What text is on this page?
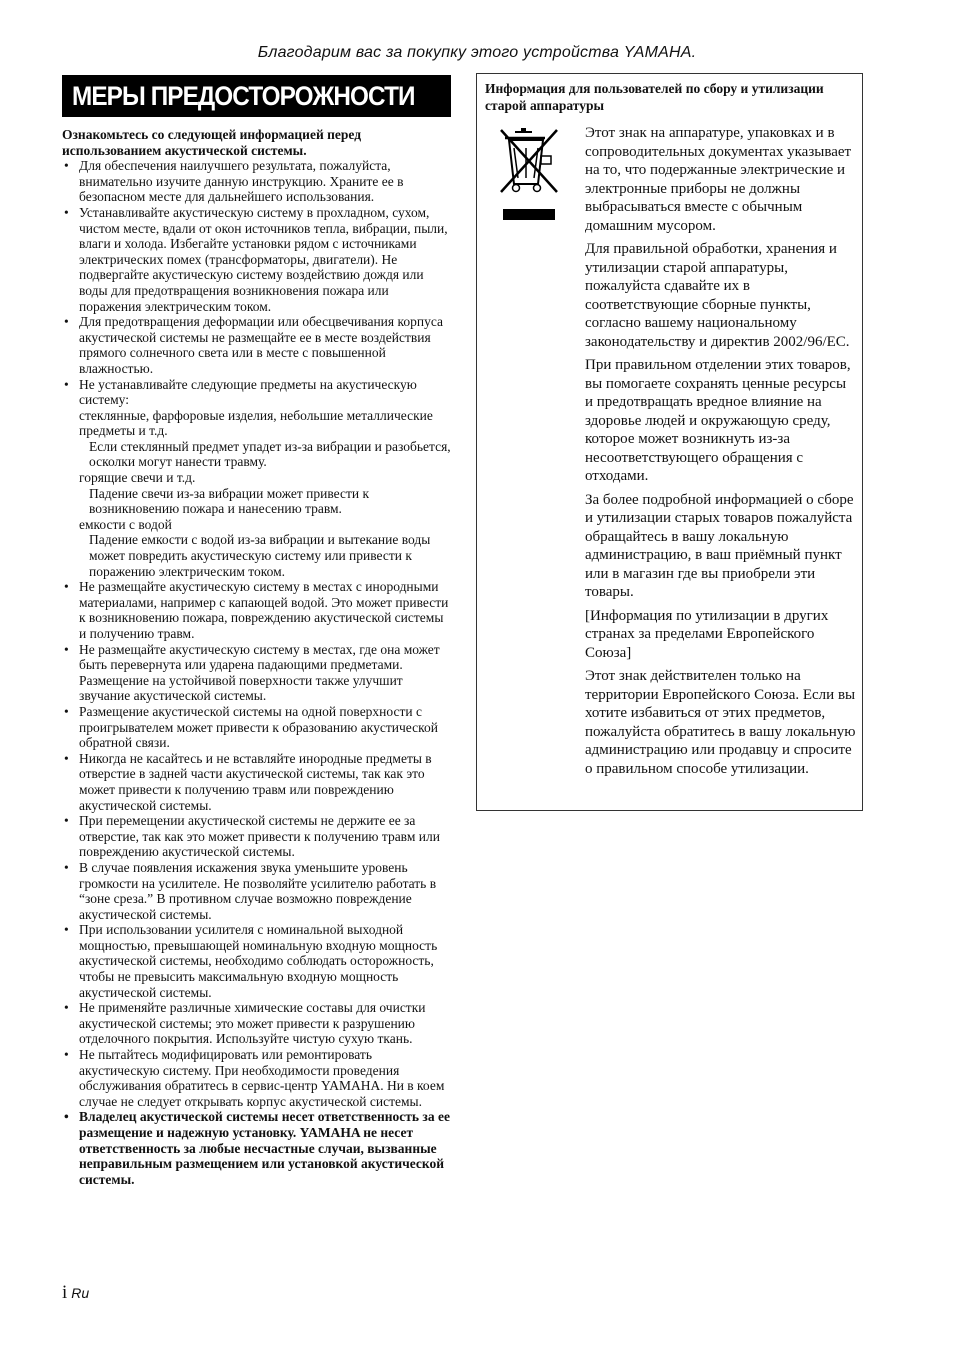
Благодарим вас за покупку этого устройства YAMAHA.
МЕРЫ ПРЕДОСТОРОЖНОСТИ

Ознакомьтесь со следующей информацией перед использованием акустической системы.

• Для обеспечения наилучшего результата, пожалуйста, внимательно изучите данную инструкцию. Храните ее в безопасном месте для дальнейшего использования.
• Устанавливайте акустическую систему в прохладном, сухом, чистом месте, вдали от окон источников тепла, вибрации, пыли, влаги и холода. Избегайте установки рядом с источниками электрических помех (трансформаторы, двигатели). Не подвергайте акустическую систему воздействию дождя или воды для предотвращения возникновения пожара или поражения электрическим током.
• Для предотвращения деформации или обесцвечивания корпуса акустической системы не размещайте ее в месте воздействия прямого солнечного света или в месте с повышенной влажностью.
• Не устанавливайте следующие предметы на акустическую систему:
стеклянные, фарфоровые изделия, небольшие металлические предметы и т.д.
Если стеклянный предмет упадет из-за вибрации и разобьется, осколки могут нанести травму.
горящие свечи и т.д.
Падение свечи из-за вибрации может привести к возникновению пожара и нанесению травм.
емкости с водой
Падение емкости с водой из-за вибрации и вытекание воды может повредить акустическую систему или привести к поражению электрическим током.
• Не размещайте акустическую систему в местах с инородными материалами, например с капающей водой. Это может привести к возникновению пожара, повреждению акустической системы и получению травм.
• Не размещайте акустическую систему в местах, где она может быть перевернута или ударена падающими предметами. Размещение на устойчивой поверхности также улучшит звучание акустической системы.
• Размещение акустической системы на одной поверхности с проигрывателем может привести к образованию акустической обратной связи.
• Никогда не касайтесь и не вставляйте инородные предметы в отверстие в задней части акустической системы, так как это может привести к получению травм или повреждению акустической системы.
• При перемещении акустической системы не держите ее за отверстие, так как это может привести к получению травм или повреждению акустической системы.
• В случае появления искажения звука уменьшите уровень громкости на усилителе. Не позволяйте усилителю работать в “зоне среза.” В противном случае возможно повреждение акустической системы.
• При использовании усилителя с номинальной выходной мощностью, превышающей номинальную входную мощность акустической системы, необходимо соблюдать осторожность, чтобы не превысить максимальную входную мощность акустической системы.
• Не применяйте различные химические составы для очистки акустической системы; это может привести к разрушению отделочного покрытия. Используйте чистую сухую ткань.
• Не пытайтесь модифицировать или ремонтировать акустическую систему. При необходимости проведения обслуживания обратитесь в сервис-центр YAMAHA. Ни в коем случае не следует открывать корпус акустической системы.
• Владелец акустической системы несет ответственность за ее размещение и надежную установку. YAMAHA не несет ответственность за любые несчастные случаи, вызванные неправильным размещением или установкой акустической системы.
Информация для пользователей по сбору и утилизации старой аппаратуры

Этот знак на аппаратуре, упаковках и в сопроводительных документах указывает на то, что подержанные электрические и электронные приборы не должны выбрасываться вместе с обычным домашним мусором.

Для правильной обработки, хранения и утилизации старой аппаратуры, пожалуйста сдавайте их в соответствующие сборные пункты, согласно вашему национальному законодательству и директив 2002/96/ЕС.

При правильном отделении этих товаров, вы помогаете сохранять ценные ресурсы и предотвращать вредное влияние на здоровье людей и окружающую среду, которое может возникнуть из-за несоответствующего обращения с отходами.

За более подробной информацией о сборе и утилизации старых товаров пожалуйста обращайтесь в вашу локальную администрацию, в ваш приёмный пункт или в магазин где вы приобрели эти товары.

[Информация по утилизации в других странах за пределами Европейского Союза]

Этот знак действителен только на территории Европейского Союза. Если вы хотите избавиться от этих предметов, пожалуйста обратитесь в вашу локальную администрацию или продавцу и спросите о правильном способе утилизации.

i Ru
